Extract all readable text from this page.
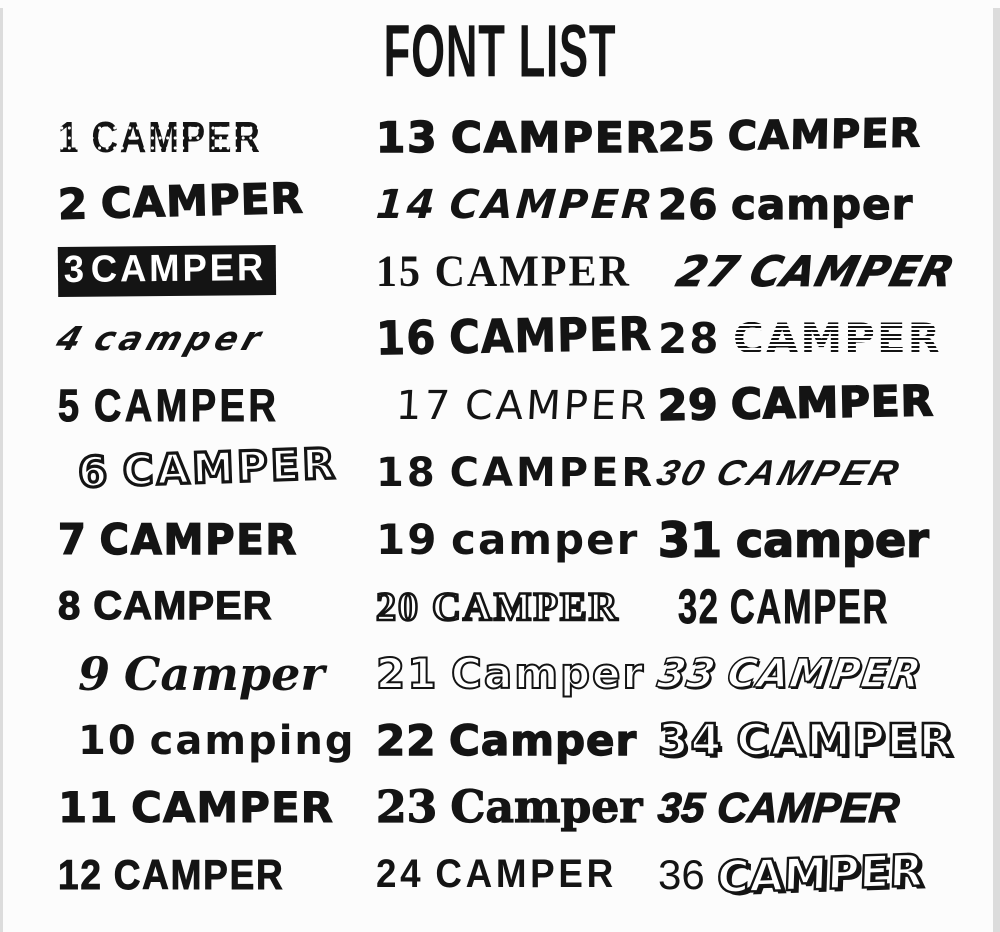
FONT LIST
1 CAMPER
2 CAMPER
3CAMPER
4camper
5 CAMPER
6 CAMPER
7 CAMPER
8 CAMPER
9 Camper
10 camping
11 CAMPER
12 CAMPER
13 CAMPER
14 CAMPER
15 CAMPER
16 CAMPER
17 CAMPER
18 CAMPER
19 camper
20 CAMPER
21 Camper
22 Camper
23 Camper
24 CAMPER
25 CAMPER
26 camper
27CAMPER
28 CAMPER
29 CAMPER
30CAMPER
31 camper
32 CAMPER
33 CAMPER
34 CAMPER
35 CAMPER
36 CAMPER
